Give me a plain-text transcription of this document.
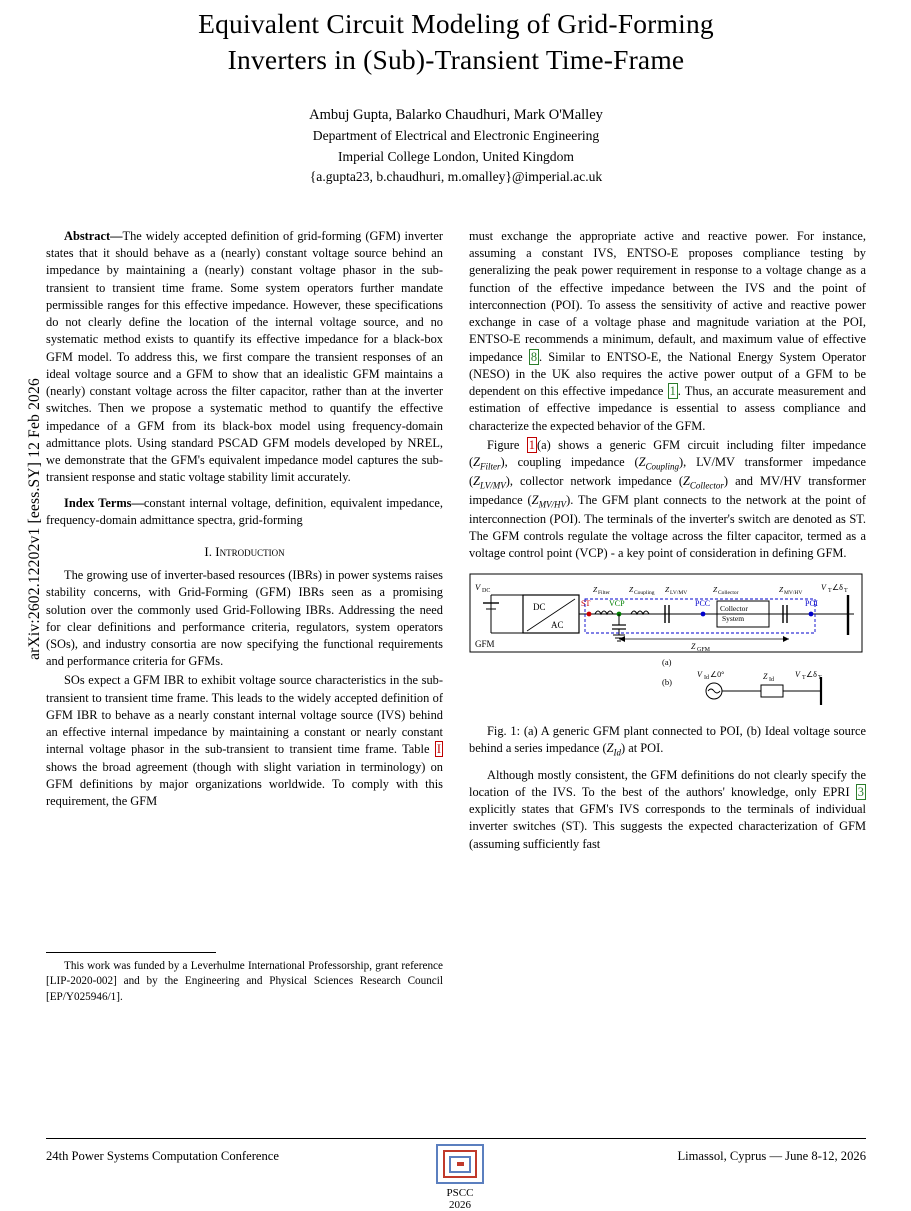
arXiv:2602.12202v1 [eess.SY] 12 Feb 2026
Equivalent Circuit Modeling of Grid-Forming
Inverters in (Sub)-Transient Time-Frame
Ambuj Gupta, Balarko Chaudhuri, Mark O'Malley
Department of Electrical and Electronic Engineering
Imperial College London, United Kingdom
{a.gupta23, b.chaudhuri, m.omalley}@imperial.ac.uk

Abstract—The widely accepted definition of grid-forming (GFM) inverter states that it should behave as a (nearly) constant voltage source behind an impedance by maintaining a (nearly) constant voltage phasor in the sub-transient to transient time frame. Some system operators further mandate permissible ranges for this effective impedance. However, these specifications do not clearly define the location of the internal voltage source, and no systematic method exists to quantify its effective impedance for a black-box GFM model. To address this, we first compare the transient responses of an ideal voltage source and a GFM to show that an idealistic GFM maintains a (nearly) constant voltage across the filter capacitor, rather than at the inverter switches. Then we propose a systematic method to quantify the effective impedance of a GFM from its black-box model using frequency-domain admittance plots. Using standard PSCAD GFM models developed by NREL, we demonstrate that the GFM's equivalent impedance model captures the sub-transient response and static voltage stability limit accurately.

Index Terms—constant internal voltage, definition, equivalent impedance, frequency-domain admittance spectra, grid-forming

I. Introduction

The growing use of inverter-based resources (IBRs) in power systems raises stability concerns, with Grid-Forming (GFM) IBRs seen as a promising solution over the commonly used Grid-Following IBRs. Addressing the need for clear definitions and performance criteria, regulators, system operators (SOs), and industry consortia are now specifying the functional requirements and performance criteria for GFMs.

SOs expect a GFM IBR to exhibit voltage source characteristics in the sub-transient to transient time frame. This leads to the widely accepted definition of GFM IBR to behave as a nearly constant internal voltage source (IVS) behind an effective internal impedance by maintaining a constant or nearly constant internal voltage phasor in the sub-transient to transient time frame. Table I shows the broad agreement (though with slight variation in terminology) on GFM definitions by major organizations worldwide. To comply with this requirement, the GFM

This work was funded by a Leverhulme International Professorship, grant reference [LIP-2020-002] and by the Engineering and Physical Sciences Research Council [EP/Y025946/1].

must exchange the appropriate active and reactive power. For instance, assuming a constant IVS, ENTSO-E proposes compliance testing by generalizing the peak power requirement in response to a voltage change as a function of the effective impedance between the IVS and the point of interconnection (POI). To assess the sensitivity of active and reactive power exchange in case of a voltage phase and magnitude variation at the POI, ENTSO-E recommends a minimum, default, and maximum value of effective impedance 8 . Similar to ENTSO-E, the National Energy System Operator (NESO) in the UK also requires the active power output of a GFM to be dependent on this effective impedance 1 . Thus, an accurate measurement and estimation of effective impedance is essential to assess compliance and characterize the expected behavior of the GFM.

Figure 1 (a) shows a generic GFM circuit including filter impedance $(Z_{Filter})$, coupling impedance $(Z_{Coupling})$, LV/MV transformer impedance $(Z_{LV/MV})$, collector network impedance $(Z_{Collector})$ and MV/HV transformer impedance $(Z_{MV/HV})$. The GFM plant connects to the network at the point of interconnection (POI). The terminals of the inverter's switch are denoted as ST. The GFM controls regulate the voltage across the filter capacitor, termed as a voltage control point (VCP) - a key point of consideration in defining GFM.

DC
AC
V DC
ST
Z Filter
VCP
Z Coupling Z LV/MV
PCC
Collector
System
Z Collector	Z MV/HV
POI
V T ∠δ T
Z GFM
GFM
(a)
(b)
V Id ∠0°	Z Id
V T ∠δ T

Fig. 1: (a) A generic GFM plant connected to POI, (b) Ideal voltage source behind a series impedance $(Z_{Id})$ at POI.

Although mostly consistent, the GFM definitions do not clearly specify the location of the IVS. To the best of the authors' knowledge, only EPRI 3 explicitly states that GFM's IVS corresponds to the terminals of individual inverter switches (ST). This suggests the expected characterization of GFM (assuming sufficiently fast

24th Power Systems Computation Conference	Limassol, Cyprus — June 8-12, 2026
PSCC 2026
